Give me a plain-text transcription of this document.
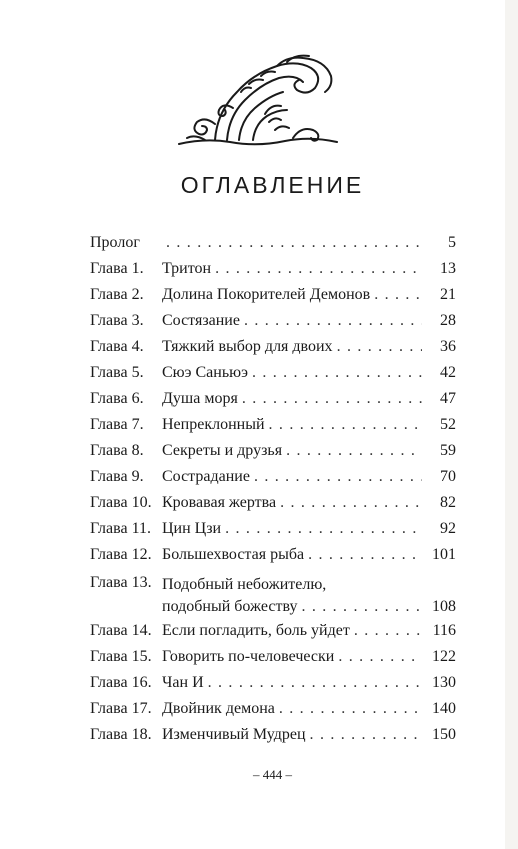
ОГЛАВЛЕНИЕ
Пролог . . .	5
Глава 1.	Тритон . . .	13
Глава 2.	Долина Покорителей Демонов . . .	21
Глава 3.	Состязание . . .	28
Глава 4.	Тяжкий выбор для двоих . . .	36
Глава 5.	Сюэ Саньюэ . . .	42
Глава 6.	Душа моря . . .	47
Глава 7.	Непреклонный . . .	52
Глава 8.	Секреты и друзья . . .	59
Глава 9.	Сострадание . . .	70
Глава 10. Кровавая жертва . . .	82
Глава 11. Цин Цзи . . .	92
Глава 12. Большехвостая рыба . . .	101
Глава 13. Подобный небожителю,
подобный божеству . . .	108
Глава 14. Если погладить, боль уйдет . . .	116
Глава 15. Говорить по-человечески . . .	122
Глава 16. Чан И . . .	130
Глава 17. Двойник демона . . .	140
Глава 18. Изменчивый Мудрец . . .	150
– 444 –
